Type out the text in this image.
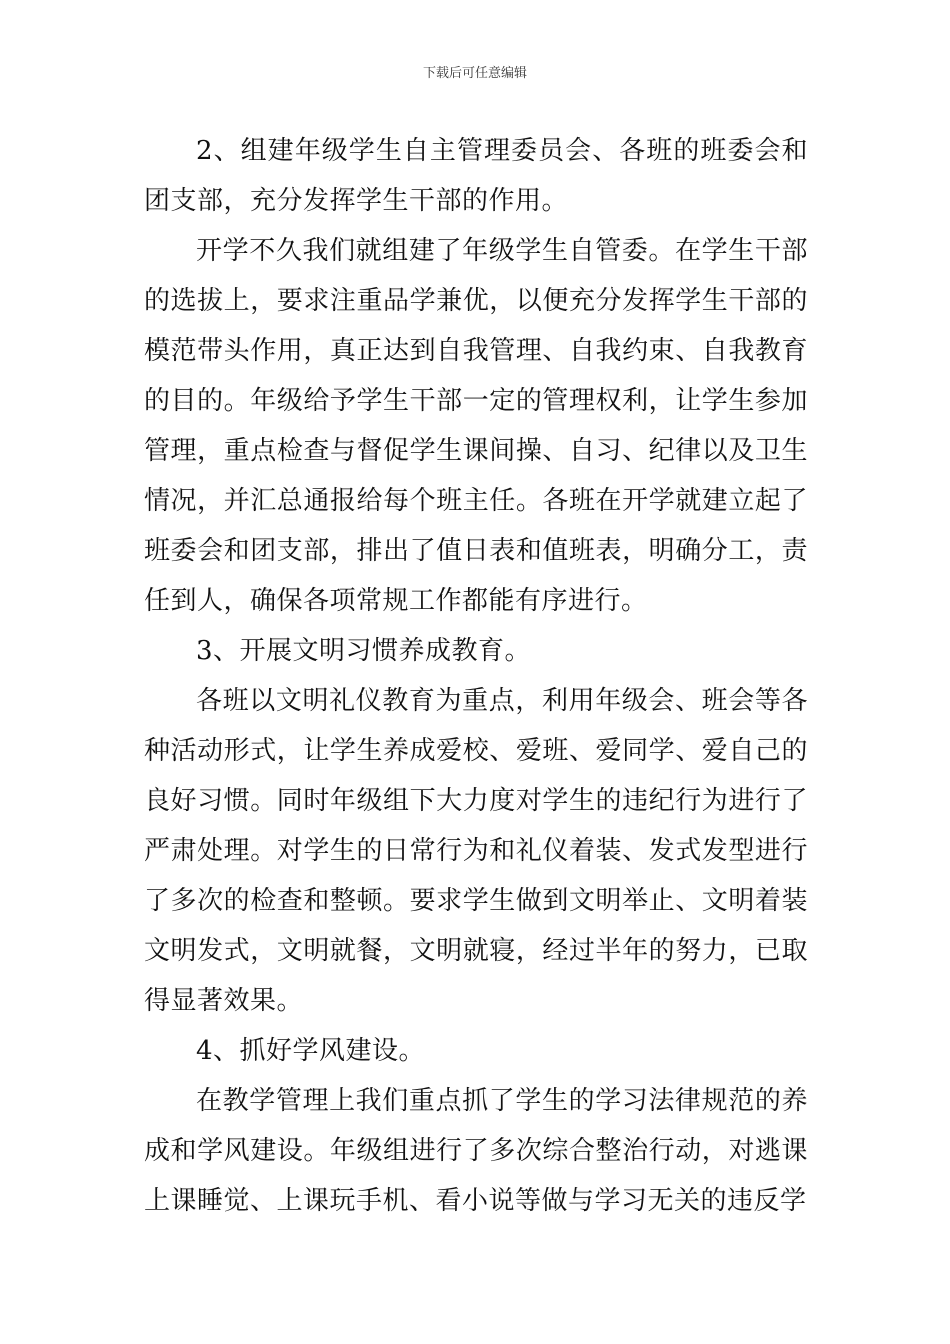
下载后可任意编辑

2、组建年级学生自主管理委员会、各班的班委会和团支部，充分发挥学生干部的作用。

开学不久我们就组建了年级学生自管委。在学生干部的选拔上，要求注重品学兼优，以便充分发挥学生干部的模范带头作用，真正达到自我管理、自我约束、自我教育的目的。年级给予学生干部一定的管理权利，让学生参加管理，重点检查与督促学生课间操、自习、纪律以及卫生情况，并汇总通报给每个班主任。各班在开学就建立起了班委会和团支部，排出了值日表和值班表，明确分工，责任到人，确保各项常规工作都能有序进行。

3、开展文明习惯养成教育。

各班以文明礼仪教育为重点，利用年级会、班会等各种活动形式，让学生养成爱校、爱班、爱同学、爱自己的良好习惯。同时年级组下大力度对学生的违纪行为进行了严肃处理。对学生的日常行为和礼仪着装、发式发型进行了多次的检查和整顿。要求学生做到文明举止、文明着装文明发式，文明就餐，文明就寝，经过半年的努力，已取得显著效果。

4、抓好学风建设。

在教学管理上我们重点抓了学生的学习法律规范的养成和学风建设。年级组进行了多次综合整治行动，对逃课上课睡觉、上课玩手机、看小说等做与学习无关的违反学
